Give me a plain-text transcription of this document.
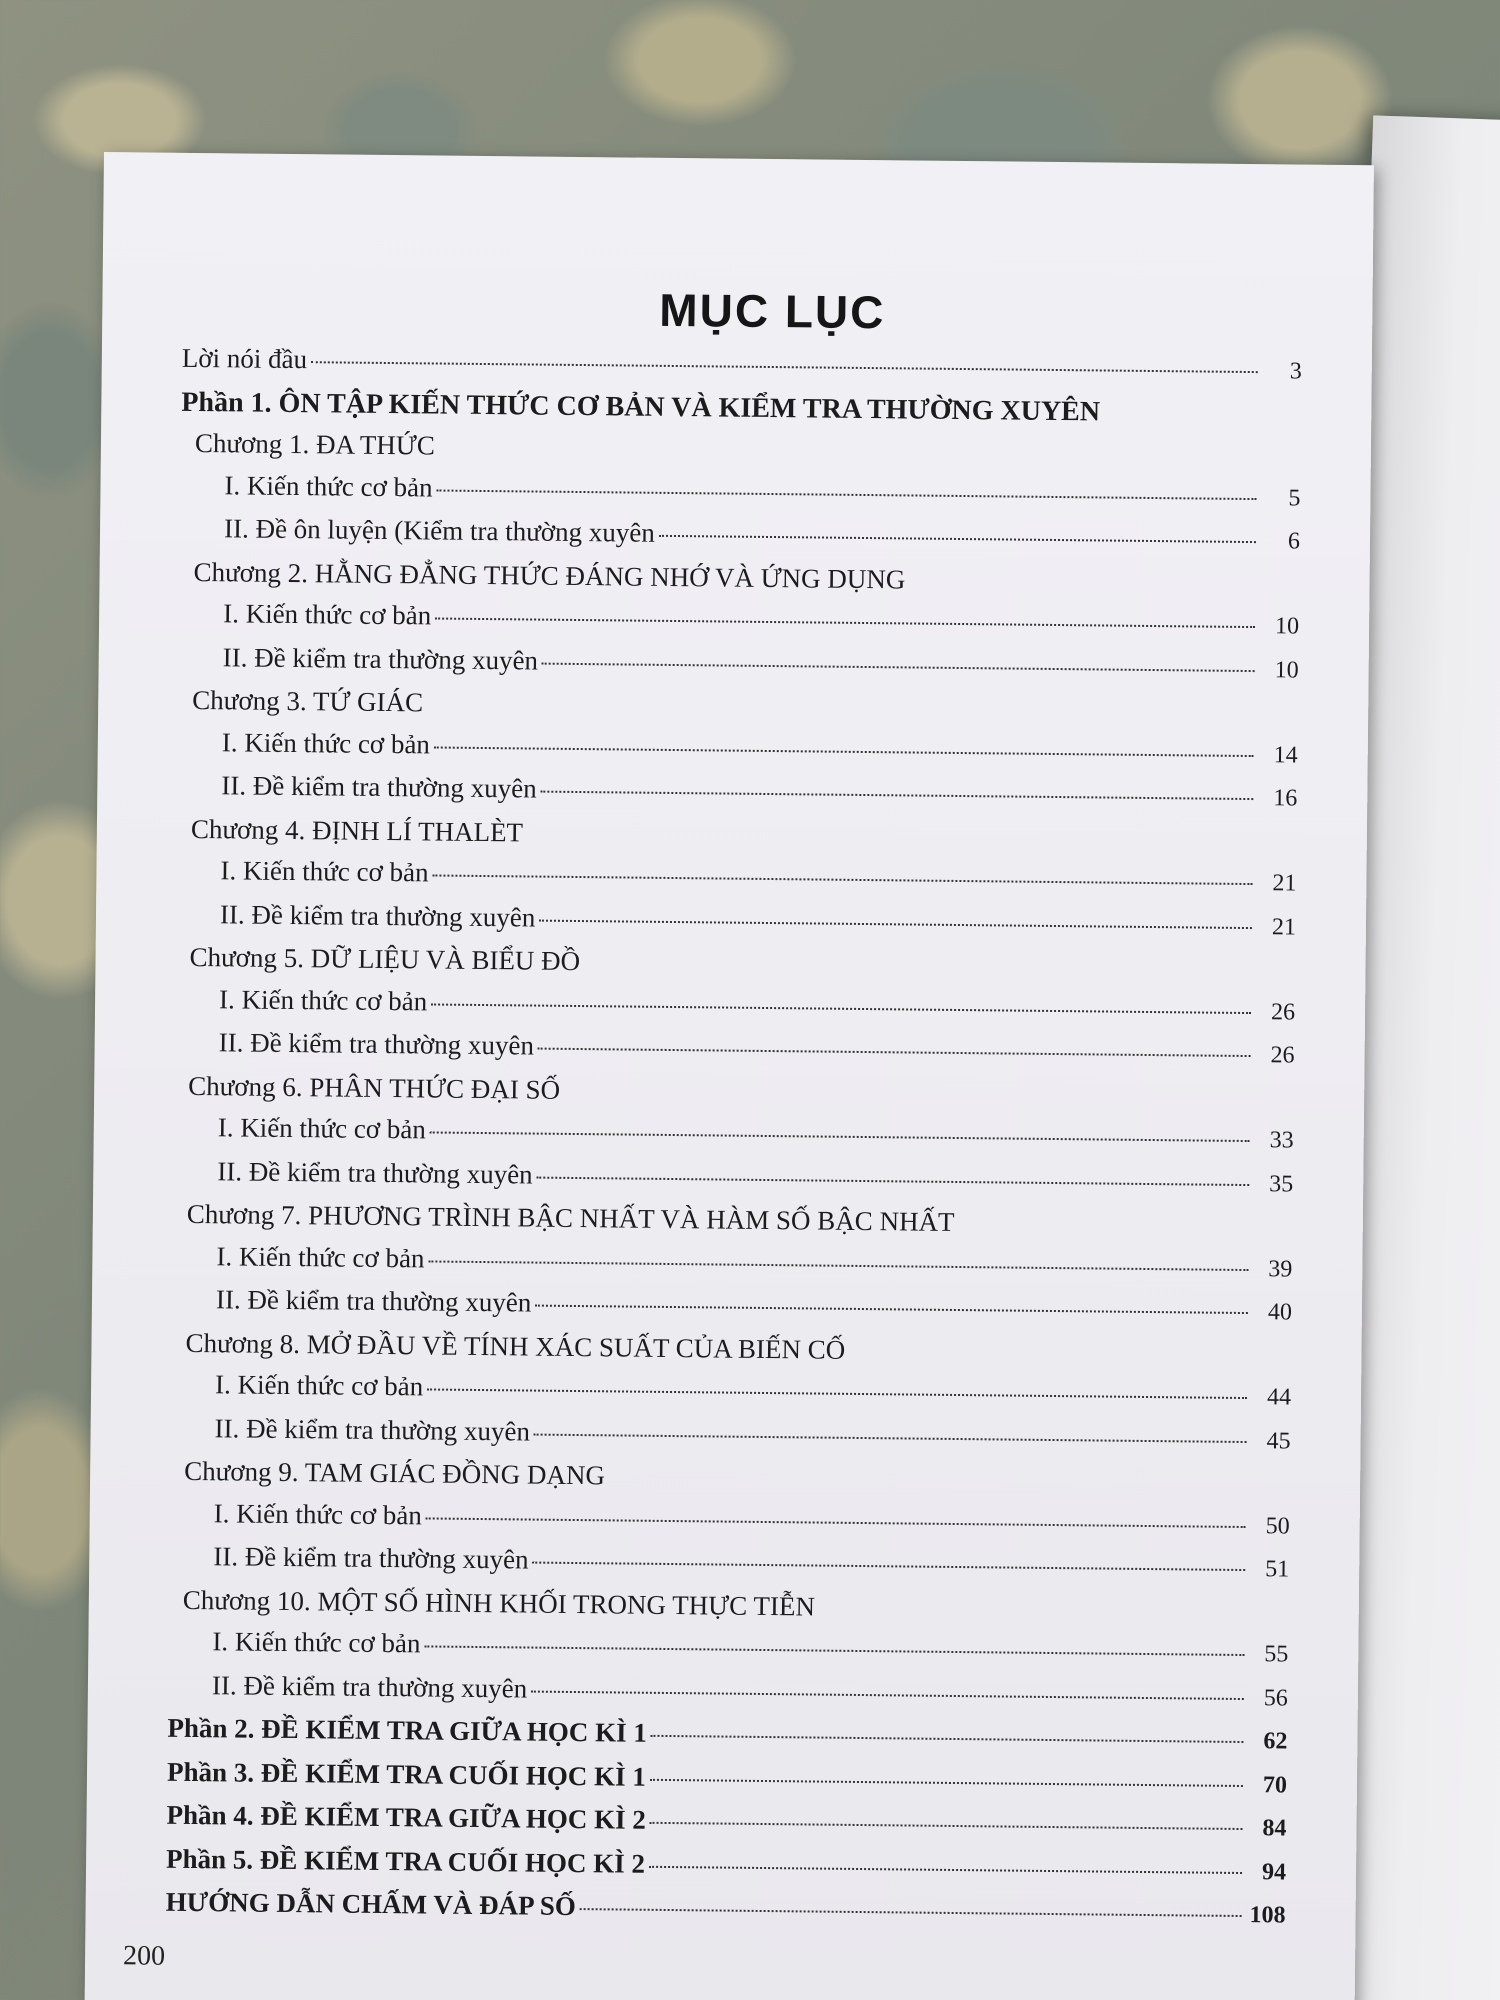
MỤC LỤC
Lời nói đầu	3
Phần 1. ÔN TẬP KIẾN THỨC CƠ BẢN VÀ KIỂM TRA THƯỜNG XUYÊN
Chương 1. ĐA THỨC
I. Kiến thức cơ bản	5
II. Đề ôn luyện (Kiểm tra thường xuyên	6
Chương 2. HẰNG ĐẲNG THỨC ĐÁNG NHỚ VÀ ỨNG DỤNG
I. Kiến thức cơ bản	10
II. Đề kiểm tra thường xuyên	10
Chương 3. TỨ GIÁC
I. Kiến thức cơ bản	14
II. Đề kiểm tra thường xuyên	16
Chương 4. ĐỊNH LÍ THALÈT
I. Kiến thức cơ bản	21
II. Đề kiểm tra thường xuyên	21
Chương 5. DỮ LIỆU VÀ BIỂU ĐỒ
I. Kiến thức cơ bản	26
II. Đề kiểm tra thường xuyên	26
Chương 6. PHÂN THỨC ĐẠI SỐ
I. Kiến thức cơ bản	33
II. Đề kiểm tra thường xuyên	35
Chương 7. PHƯƠNG TRÌNH BẬC NHẤT VÀ HÀM SỐ BẬC NHẤT
I. Kiến thức cơ bản	39
II. Đề kiểm tra thường xuyên	40
Chương 8. MỞ ĐẦU VỀ TÍNH XÁC SUẤT CỦA BIẾN CỐ
I. Kiến thức cơ bản	44
II. Đề kiểm tra thường xuyên	45
Chương 9. TAM GIÁC ĐỒNG DẠNG
I. Kiến thức cơ bản	50
II. Đề kiểm tra thường xuyên	51
Chương 10. MỘT SỐ HÌNH KHỐI TRONG THỰC TIỄN
I. Kiến thức cơ bản	55
II. Đề kiểm tra thường xuyên	56
Phần 2. ĐỀ KIỂM TRA GIỮA HỌC KÌ 1	62
Phần 3. ĐỀ KIỂM TRA CUỐI HỌC KÌ 1	70
Phần 4. ĐỀ KIỂM TRA GIỮA HỌC KÌ 2	84
Phần 5. ĐỀ KIỂM TRA CUỐI HỌC KÌ 2	94
HƯỚNG DẪN CHẤM VÀ ĐÁP SỐ	108
200
